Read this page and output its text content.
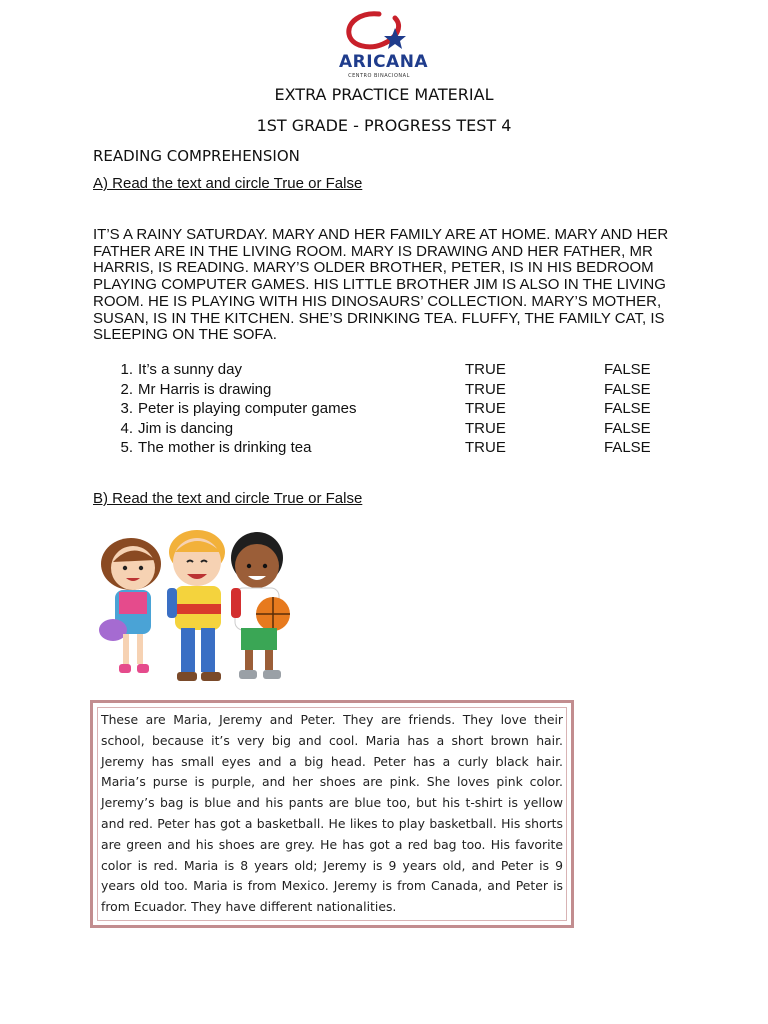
ARICANA
CENTRO BINACIONAL
EXTRA PRACTICE MATERIAL
1ST GRADE - PROGRESS TEST 4
READING COMPREHENSION
A) Read the text and circle True or False
IT’S A RAINY SATURDAY. MARY AND HER FAMILY ARE AT HOME. MARY AND HER FATHER ARE IN THE LIVING ROOM. MARY IS DRAWING AND HER FATHER, MR HARRIS, IS READING. MARY’S OLDER BROTHER, PETER, IS IN HIS BEDROOM PLAYING COMPUTER GAMES. HIS LITTLE BROTHER JIM IS ALSO IN THE LIVING ROOM. HE IS PLAYING WITH HIS DINOSAURS’ COLLECTION. MARY’S MOTHER, SUSAN, IS IN THE KITCHEN. SHE’S DRINKING TEA. FLUFFY, THE FAMILY CAT, IS SLEEPING ON THE SOFA.
1. It’s a sunny day	TRUE	FALSE
2. Mr Harris is drawing	TRUE	FALSE
3. Peter is playing computer games	TRUE	FALSE
4. Jim is dancing	TRUE	FALSE
5. The mother is drinking tea	TRUE	FALSE
B) Read the text and circle True or False
These are Maria, Jeremy and Peter. They are friends. They love their school, because it’s very big and cool. Maria has a short brown hair. Jeremy has small eyes and a big head. Peter has a curly black hair. Maria’s purse is purple, and her shoes are pink. She loves pink color. Jeremy’s bag is blue and his pants are blue too, but his t-shirt is yellow and red. Peter has got a basketball. He likes to play basketball. His shorts are green and his shoes are grey. He has got a red bag too. His favorite color is red. Maria is 8 years old; Jeremy is 9 years old, and Peter is 9 years old too. Maria is from Mexico. Jeremy is from Canada, and Peter is from Ecuador. They have different nationalities.
